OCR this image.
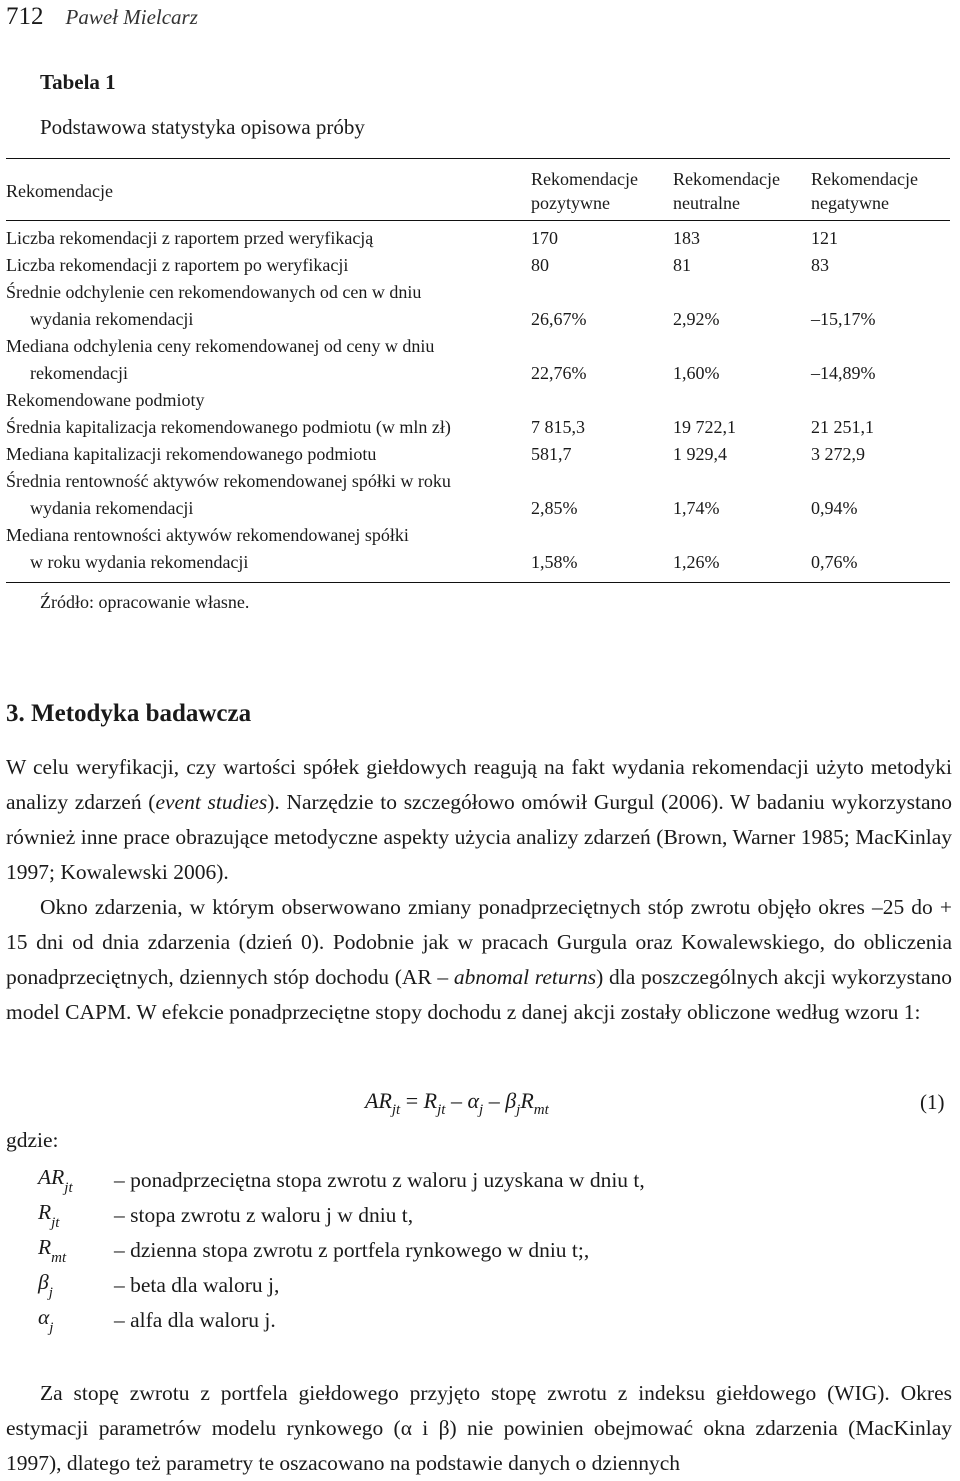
712 Paweł Mielcarz
Tabela 1
Podstawowa statystyka opisowa próby
Rekomendacje	Rekomendacje pozytywne	Rekomendacje neutralne	Rekomendacje negatywne
Liczba rekomendacji z raportem przed weryfikacją	170	183	121
Liczba rekomendacji z raportem po weryfikacji	80	81	83
Średnie odchylenie cen rekomendowanych od cen w dniu
wydania rekomendacji	26,67%	2,92%	–15,17%
Mediana odchylenia ceny rekomendowanej od ceny w dniu
rekomendacji	22,76%	1,60%	–14,89%
Rekomendowane podmioty			
Średnia kapitalizacja rekomendowanego podmiotu (w mln zł)	7 815,3	19 722,1	21 251,1
Mediana kapitalizacji rekomendowanego podmiotu	581,7	1 929,4	3 272,9
Średnia rentowność aktywów rekomendowanej spółki w roku
wydania rekomendacji	2,85%	1,74%	0,94%
Mediana rentowności aktywów rekomendowanej spółki
w roku wydania rekomendacji	1,58%	1,26%	0,76%
Źródło: opracowanie własne.
3. Metodyka badawcza
W celu weryfikacji, czy wartości spółek giełdowych reagują na fakt wydania rekomendacji użyto metodyki analizy zdarzeń (event studies). Narzędzie to szczegółowo omówił Gurgul (2006). W badaniu wykorzystano również inne prace obrazujące metodyczne aspekty użycia analizy zdarzeń (Brown, Warner 1985; MacKinlay 1997; Kowalewski 2006).
Okno zdarzenia, w którym obserwowano zmiany ponadprzeciętnych stóp zwrotu objęło okres –25 do + 15 dni od dnia zdarzenia (dzień 0). Podobnie jak w pracach Gurgula oraz Kowalewskiego, do obliczenia ponadprzeciętnych, dziennych stóp dochodu (AR – abnomal returns) dla poszczególnych akcji wykorzystano model CAPM. W efekcie ponadprzeciętne stopy dochodu z danej akcji zostały obliczone według wzoru 1:
$AR_{jt} = R_{jt} - \alpha_j - \beta_jR_{mt}$	(1)
gdzie:
$AR_{jt}$	– ponadprzeciętna stopa zwrotu z waloru j uzyskana w dniu t,
$R_{jt}$	– stopa zwrotu z waloru j w dniu t,
$R_{mt}$	– dzienna stopa zwrotu z portfela rynkowego w dniu t;,
$\beta_j$	– beta dla waloru j,
$\alpha_j$	– alfa dla waloru j.
Za stopę zwrotu z portfela giełdowego przyjęto stopę zwrotu z indeksu giełdowego (WIG). Okres estymacji parametrów modelu rynkowego (α i β) nie powinien obejmować okna zdarzenia (MacKinlay 1997), dlatego też parametry te oszacowano na podstawie danych o dziennych
